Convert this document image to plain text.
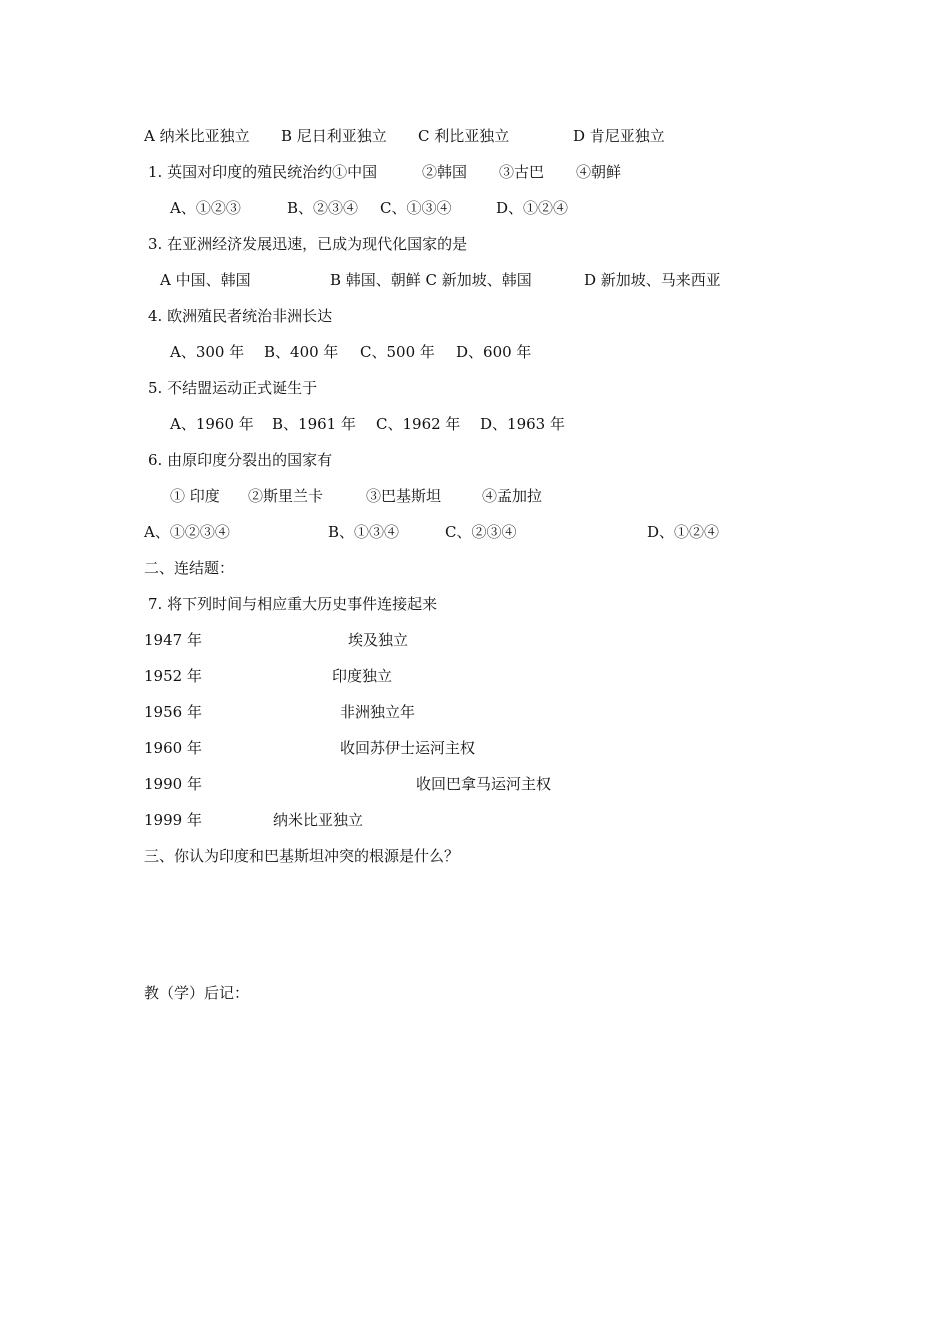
A 纳米比亚独立 B 尼日利亚独立 C 利比亚独立	D 肯尼亚独立
1. 英国对印度的殖民统治约①中国	②韩国 ③古巴 ④朝鲜
A、①②③	B、②③④ C、①③④	D、①②④
3. 在亚洲经济发展迅速，已成为现代化国家的是
A 中国、韩国	B 韩国、朝鲜 C 新加坡、韩国	D 新加坡、马来西亚
4. 欧洲殖民者统治非洲长达
A、300 年 B、400 年 C、500 年 D、600 年
5. 不结盟运动正式诞生于
A、1960 年 B、1961 年 C、1962 年 D、1963 年
6. 由原印度分裂出的国家有
① 印度 ②斯里兰卡	③巴基斯坦	④孟加拉
A、①②③④	B、①③④	C、②③④	D、①②④
二、连结题：
7. 将下列时间与相应重大历史事件连接起来
1947 年	埃及独立
1952 年	印度独立
1956 年	非洲独立年
1960 年	收回苏伊士运河主权
1990 年	收回巴拿马运河主权
1999 年	纳米比亚独立
三、你认为印度和巴基斯坦冲突的根源是什么？
教（学）后记：
